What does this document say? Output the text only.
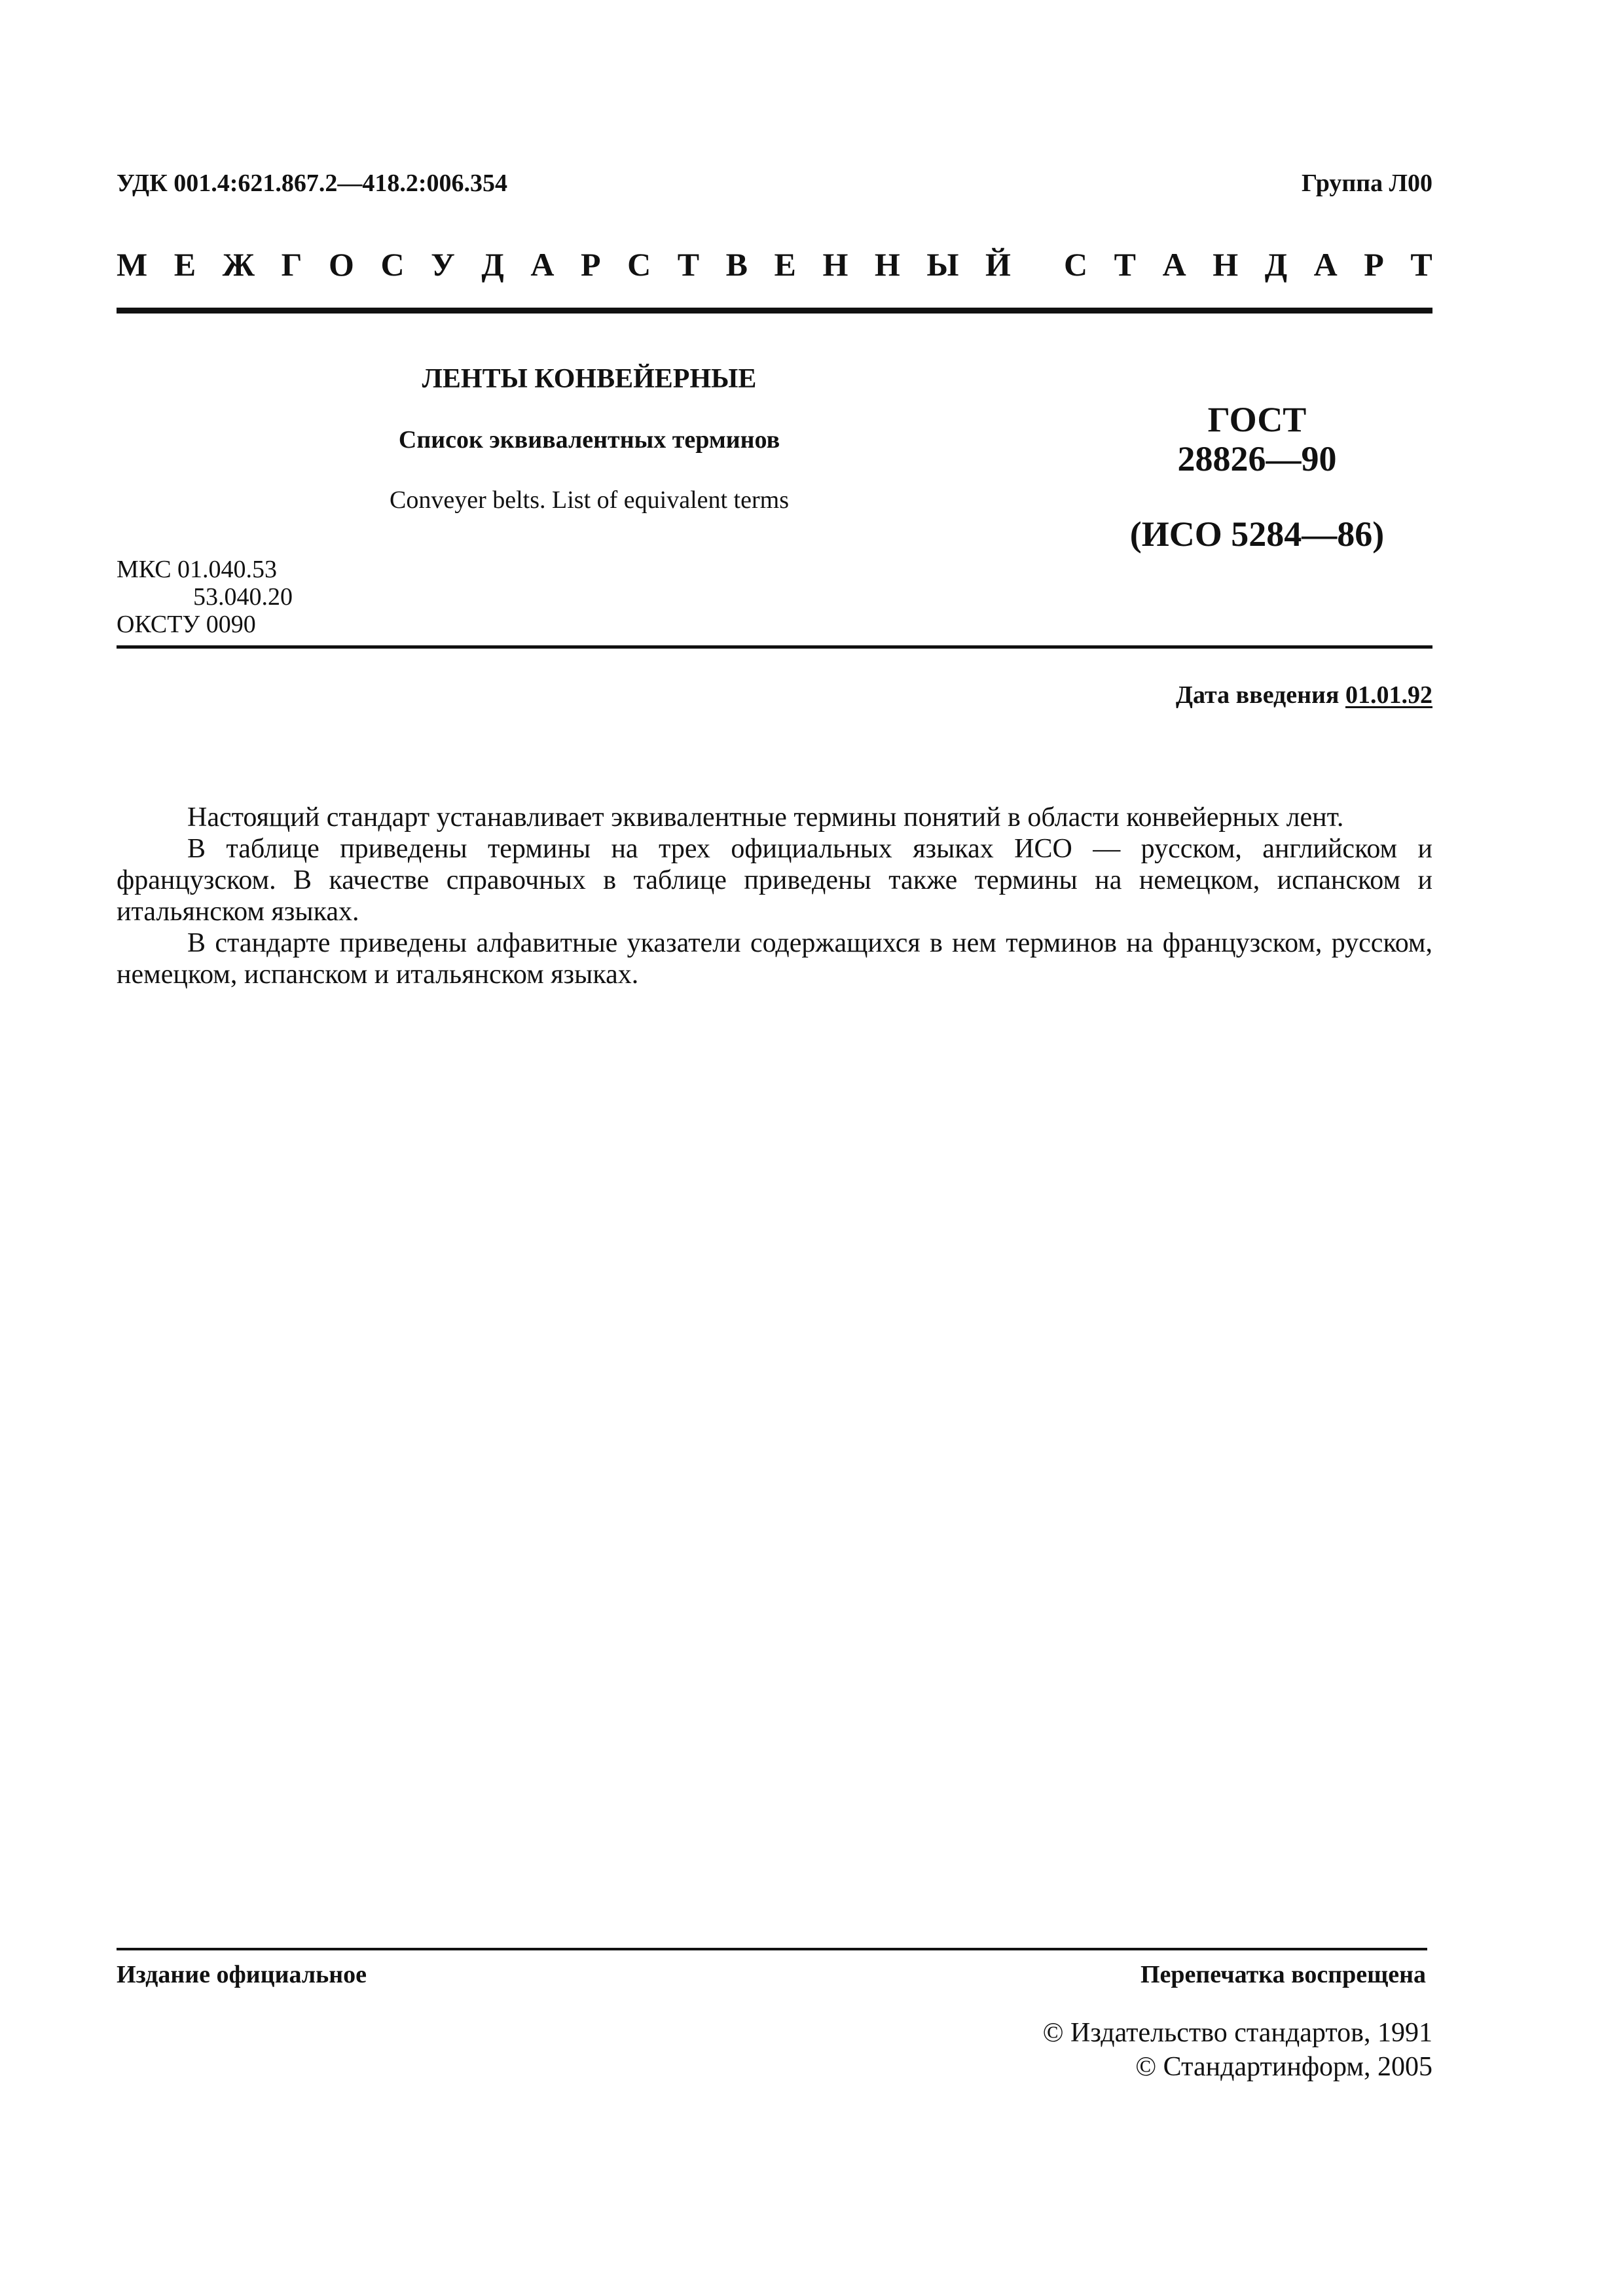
УДК 001.4:621.867.2—418.2:006.354	Группа Л00
М Е Ж Г О С У Д А Р С Т В Е Н Н Ы Й С Т А Н Д А Р Т
ЛЕНТЫ КОНВЕЙЕРНЫЕ
Список эквивалентных терминов
Conveyer belts. List of equivalent terms
ГОСТ
28826—90
(ИСО 5284—86)
МКС 01.040.53
53.040.20
ОКСТУ 0090
Дата введения 01.01.92

Настоящий стандарт устанавливает эквивалентные термины понятий в области конвейерных лент.

В таблице приведены термины на трех официальных языках ИСО — русском, английском и французском. В качестве справочных в таблице приведены также термины на немецком, испанском и итальянском языках.

В стандарте приведены алфавитные указатели содержащихся в нем терминов на французском, русском, немецком, испанском и итальянском языках.

Издание официальное	Перепечатка воспрещена
© Издательство стандартов, 1991
© Стандартинформ, 2005
